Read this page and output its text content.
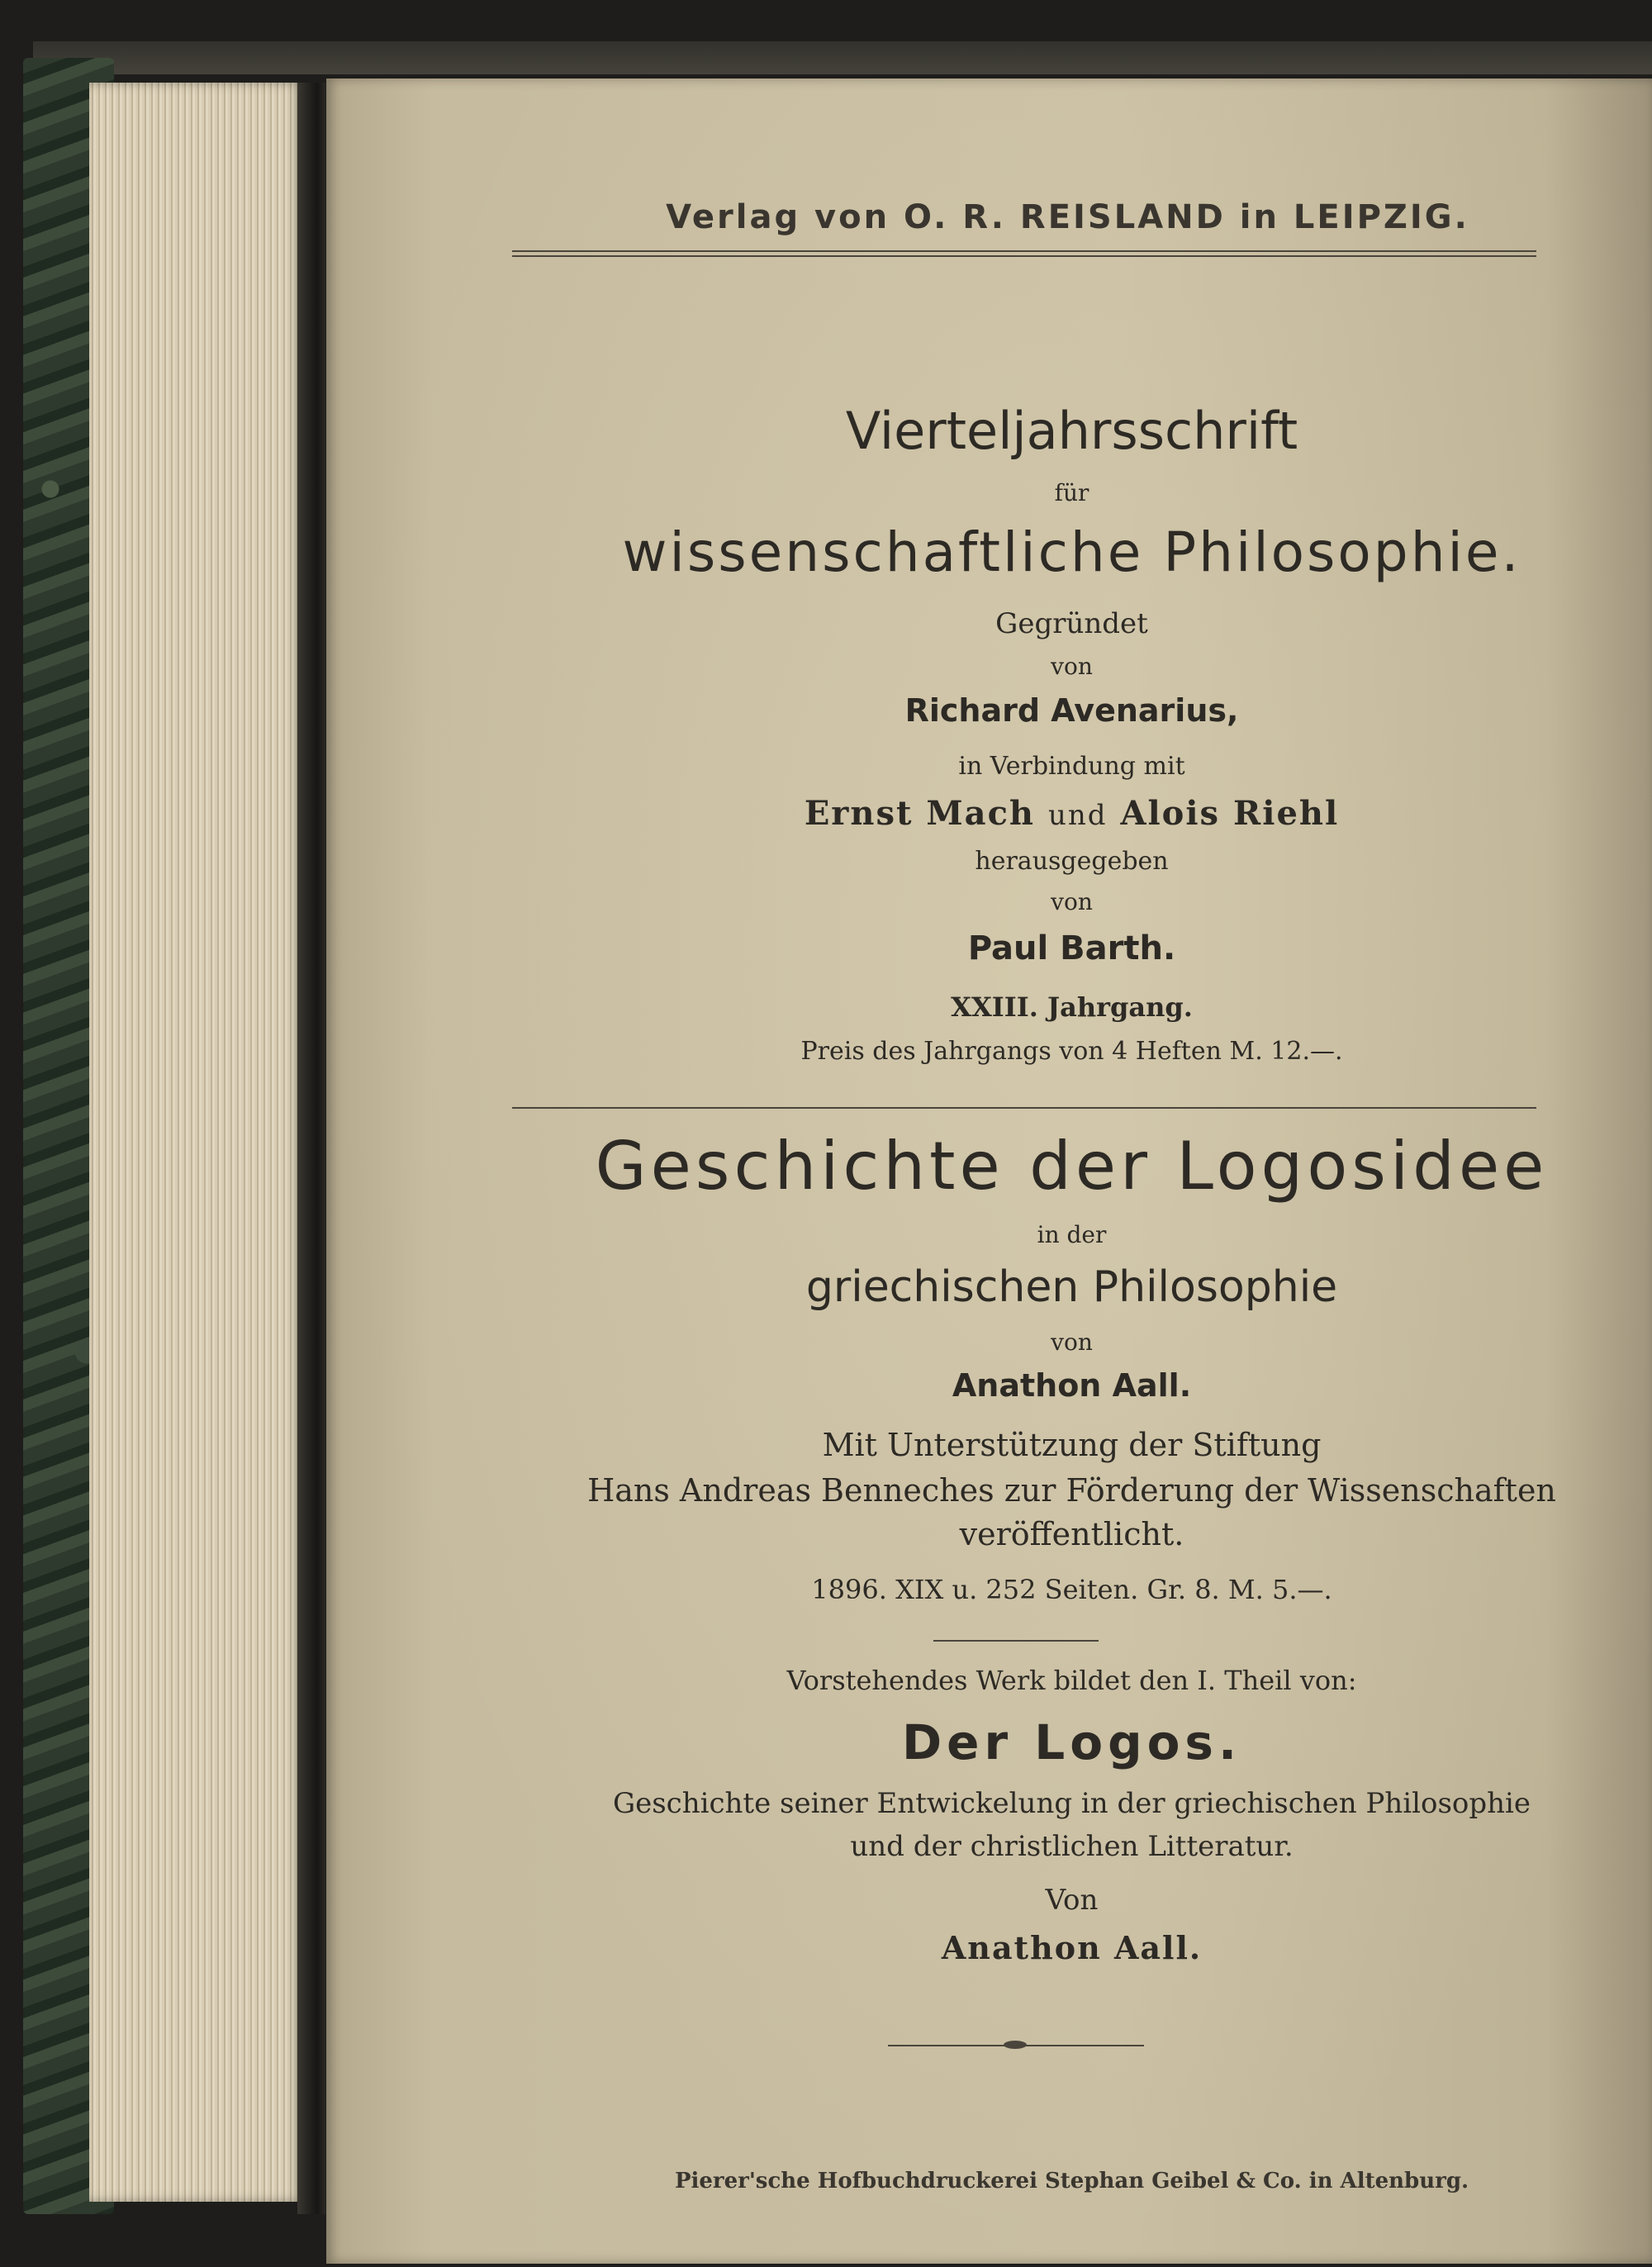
Verlag von O. R. REISLAND in LEIPZIG.
Vierteljahrsschrift
für
wissenschaftliche Philosophie.
Gegründet
von
Richard Avenarius,
in Verbindung mit
Ernst Mach und Alois Riehl
herausgegeben
von
Paul Barth.
XXIII. Jahrgang.
Preis des Jahrgangs von 4 Heften M. 12.—.
Geschichte der Logosidee
in der
griechischen Philosophie
von
Anathon Aall.
Mit Unterstützung der Stiftung
Hans Andreas Benneches zur Förderung der Wissenschaften
veröffentlicht.
1896. XIX u. 252 Seiten. Gr. 8. M. 5.—.
Vorstehendes Werk bildet den I. Theil von:
Der Logos.
Geschichte seiner Entwickelung in der griechischen Philosophie
und der christlichen Litteratur.
Von
Anathon Aall.
Pierer'sche Hofbuchdruckerei Stephan Geibel & Co. in Altenburg.
